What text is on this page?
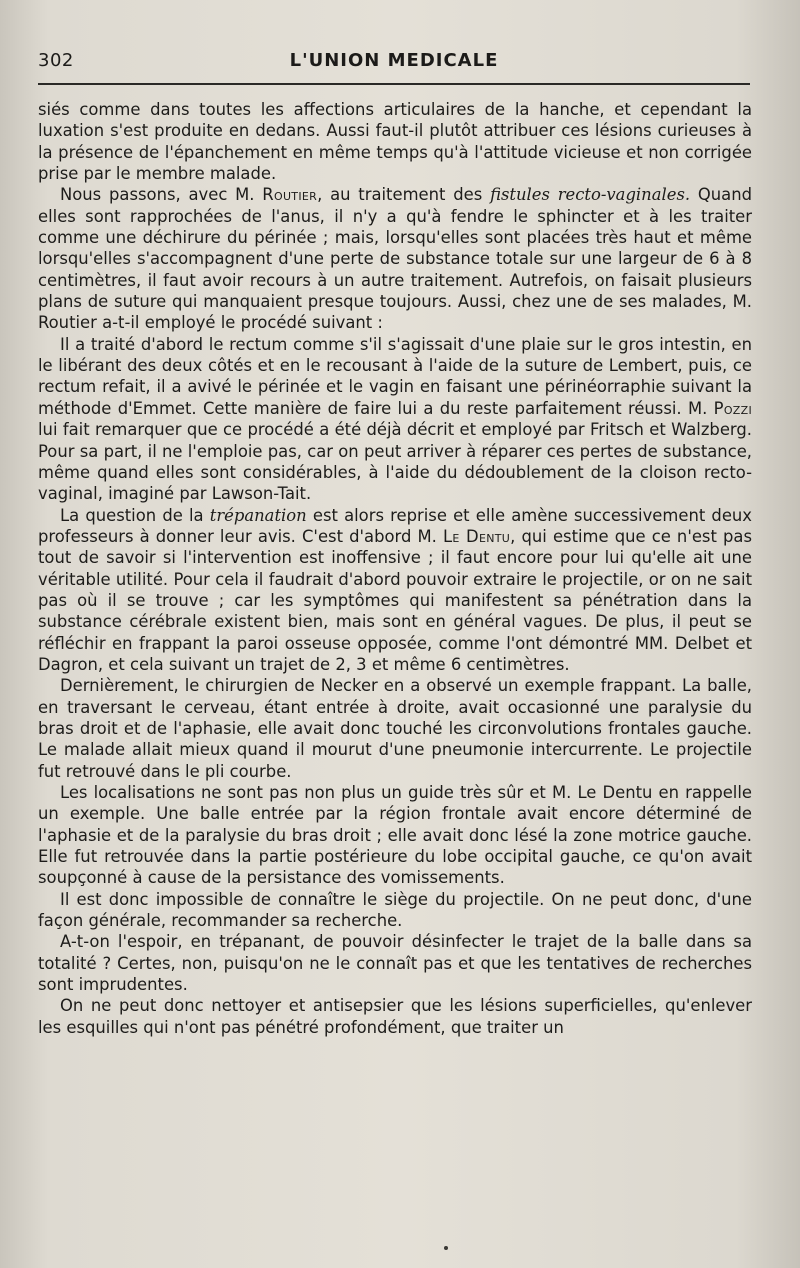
302	L'UNION MEDICALE

siés comme dans toutes les affections articulaires de la hanche, et cependant la luxation s'est produite en dedans. Aussi faut-il plutôt attribuer ces lésions curieuses à la présence de l'épanchement en même temps qu'à l'attitude vicieuse et non corrigée prise par le membre malade.

Nous passons, avec M. Routier, au traitement des fistules recto-vaginales. Quand elles sont rapprochées de l'anus, il n'y a qu'à fendre le sphincter et à les traiter comme une déchirure du périnée ; mais, lorsqu'elles sont placées très haut et même lorsqu'elles s'accompagnent d'une perte de substance totale sur une largeur de 6 à 8 centimètres, il faut avoir recours à un autre traitement. Autrefois, on faisait plusieurs plans de suture qui manquaient presque toujours. Aussi, chez une de ses malades, M. Routier a-t-il employé le procédé suivant :

Il a traité d'abord le rectum comme s'il s'agissait d'une plaie sur le gros intestin, en le libérant des deux côtés et en le recousant à l'aide de la suture de Lembert, puis, ce rectum refait, il a avivé le périnée et le vagin en faisant une périnéorraphie suivant la méthode d'Emmet. Cette manière de faire lui a du reste parfaitement réussi. M. Pozzi lui fait remarquer que ce procédé a été déjà décrit et employé par Fritsch et Walzberg. Pour sa part, il ne l'emploie pas, car on peut arriver à réparer ces pertes de substance, même quand elles sont considérables, à l'aide du dédoublement de la cloison recto-vaginal, imaginé par Lawson-Tait.

La question de la trépanation est alors reprise et elle amène successivement deux professeurs à donner leur avis. C'est d'abord M. Le Dentu, qui estime que ce n'est pas tout de savoir si l'intervention est inoffensive ; il faut encore pour lui qu'elle ait une véritable utilité. Pour cela il faudrait d'abord pouvoir extraire le projectile, or on ne sait pas où il se trouve ; car les symptômes qui manifestent sa pénétration dans la substance cérébrale existent bien, mais sont en général vagues. De plus, il peut se réfléchir en frappant la paroi osseuse opposée, comme l'ont démontré MM. Delbet et Dagron, et cela suivant un trajet de 2, 3 et même 6 centimètres.

Dernièrement, le chirurgien de Necker en a observé un exemple frappant. La balle, en traversant le cerveau, étant entrée à droite, avait occasionné une paralysie du bras droit et de l'aphasie, elle avait donc touché les circonvolutions frontales gauche. Le malade allait mieux quand il mourut d'une pneumonie intercurrente. Le projectile fut retrouvé dans le pli courbe.

Les localisations ne sont pas non plus un guide très sûr et M. Le Dentu en rappelle un exemple. Une balle entrée par la région frontale avait encore déterminé de l'aphasie et de la paralysie du bras droit ; elle avait donc lésé la zone motrice gauche. Elle fut retrouvée dans la partie postérieure du lobe occipital gauche, ce qu'on avait soupçonné à cause de la persistance des vomissements.

Il est donc impossible de connaître le siège du projectile. On ne peut donc, d'une façon générale, recommander sa recherche.

A-t-on l'espoir, en trépanant, de pouvoir désinfecter le trajet de la balle dans sa totalité ? Certes, non, puisqu'on ne le connaît pas et que les tentatives de recherches sont imprudentes.

On ne peut donc nettoyer et antisepsier que les lésions superficielles, qu'enlever les esquilles qui n'ont pas pénétré profondément, que traiter un
